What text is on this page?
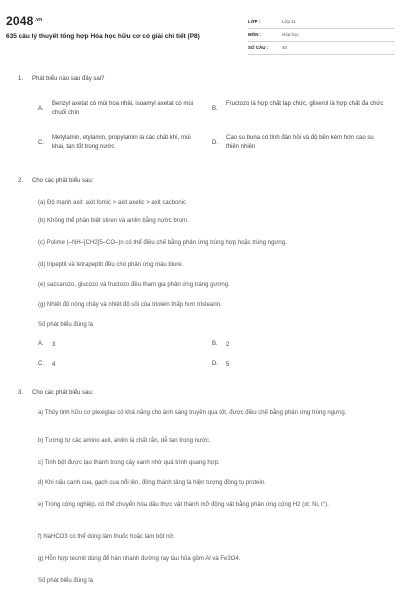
$2048^{.vn}$
635 câu lý thuyết tổng hợp Hóa học hữu cơ có giải chi tiết (P8)
LỚP :	Lớp 11
MÔN :	Hóa học
SỐ CÂU :	40
1. Phát biểu nào sau đây sai?
A.
Benzyl axetat có mùi hoa nhài, isoamyl axetat có mùi chuối chín
B.
Fructozo là hợp chất tạp chức, glixerol là hợp chất đa chức
C.
Metylamin, etylamin, propylamin là các chất khí, mùi khai, tan tốt trong nước
D.
Cao su buna có tính đàn hồi và độ bền kém hơn cao su thiên nhiên
2. Cho các phát biểu sau:
(a) Độ mạnh axit: axit fomic > axit axetic > axit cacbonic
(b) Không thể phân biệt stiren và anilin bằng nước brom.
(c) Polime (–NH–[CH2]5–CO–)n có thể điều chế bằng phản ứng trùng hợp hoặc trùng ngưng.
(d) tripeptit và tetrapeptit đều cho phản ứng màu biure.
(e) saccarozo, glucozo và fructozo đều tham gia phản ứng tráng gương.
(g) Nhiệt độ nóng chảy và nhiệt độ sôi của triolein thấp hơn tristearin.
Số phát biểu đúng là
A. 3	B. 2
C. 4	D. 5
3. Cho các phát biểu sau:
a) Thủy tinh hữu cơ plexiglas có khả năng cho ánh sáng truyền qua tốt, được điều chế bằng phản ứng trùng ngưng.
b) Tương tự các amino axit, anilin là chất rắn, dễ tan trong nước.
c) Tinh bột được tạo thành trong cây xanh nhờ quá trình quang hợp.
d) Khi nấu canh cua, gạch cua nổi lên, đông thành tảng là hiện tượng đông tụ protein.
e) Trong công nghiệp, có thể chuyển hóa dầu thực vật thành mỡ động vật bằng phản ứng cộng H2 (xt: Ni, t°).
f) NaHCO3 có thể dùng làm thuốc hoặc làm bột nở.
g) Hỗn hợp tecmit dùng để hàn nhanh đường ray tàu hỏa gồm Al và Fe3O4.
Số phát biểu đúng là
